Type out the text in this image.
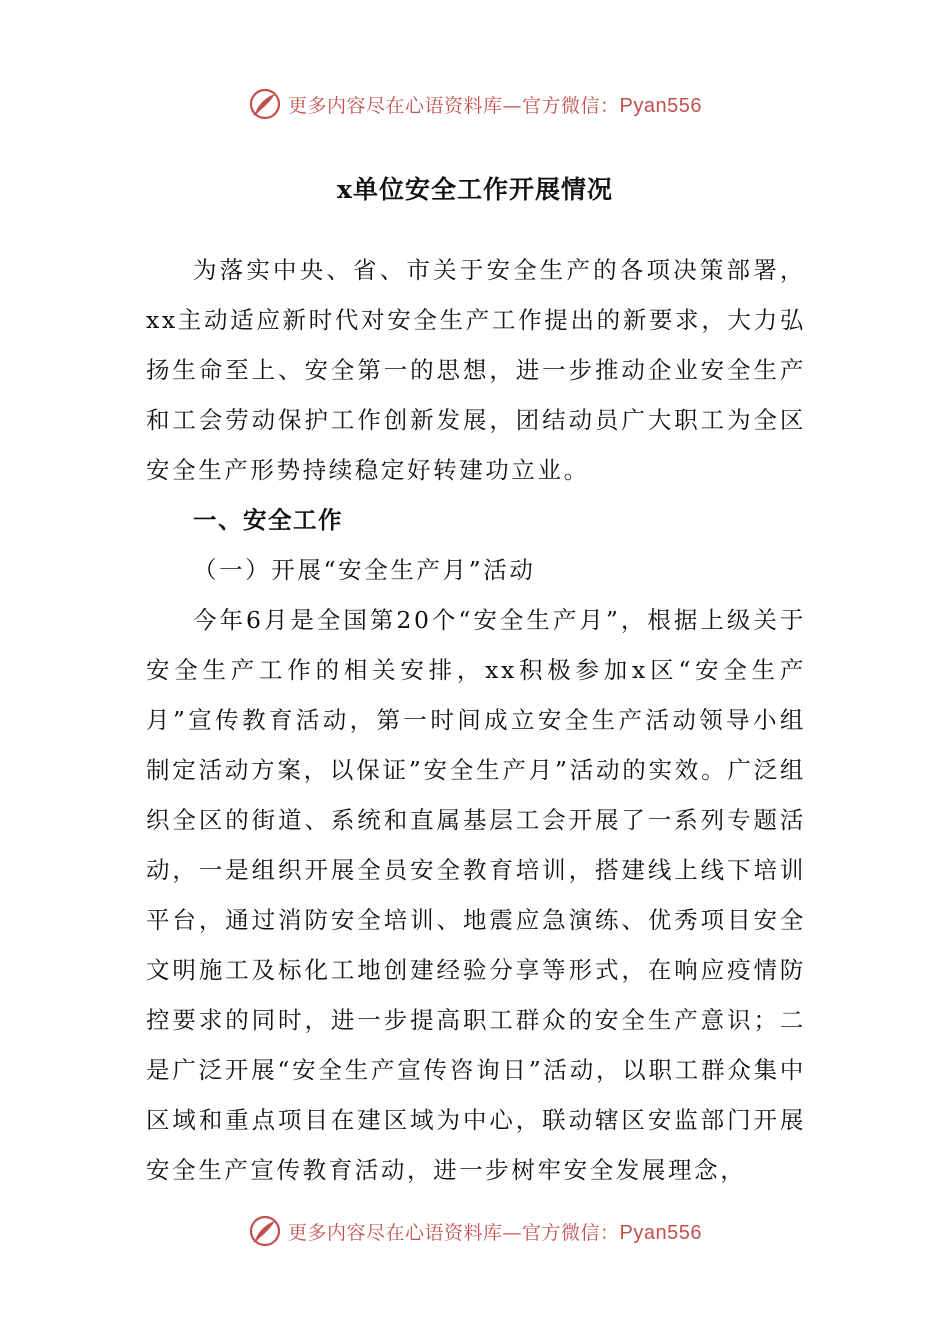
更多内容尽在心语资料库—官方微信：Pyan556
x单位安全工作开展情况

为落实中央、省、市关于安全生产的各项决策部署，xx主动适应新时代对安全生产工作提出的新要求，大力弘扬生命至上、安全第一的思想，进一步推动企业安全生产和工会劳动保护工作创新发展，团结动员广大职工为全区安全生产形势持续稳定好转建功立业。

一、安全工作

（一）开展“安全生产月”活动

今年6月是全国第20个“安全生产月”，根据上级关于安全生产工作的相关安排，xx积极参加x区“安全生产月”宣传教育活动，第一时间成立安全生产活动领导小组制定活动方案，以保证”安全生产月”活动的实效。广泛组织全区的街道、系统和直属基层工会开展了一系列专题活动，一是组织开展全员安全教育培训，搭建线上线下培训平台，通过消防安全培训、地震应急演练、优秀项目安全文明施工及标化工地创建经验分享等形式，在响应疫情防控要求的同时，进一步提高职工群众的安全生产意识；二是广泛开展“安全生产宣传咨询日”活动，以职工群众集中区域和重点项目在建区域为中心，联动辖区安监部门开展安全生产宣传教育活动，进一步树牢安全发展理念，

更多内容尽在心语资料库—官方微信：Pyan556
